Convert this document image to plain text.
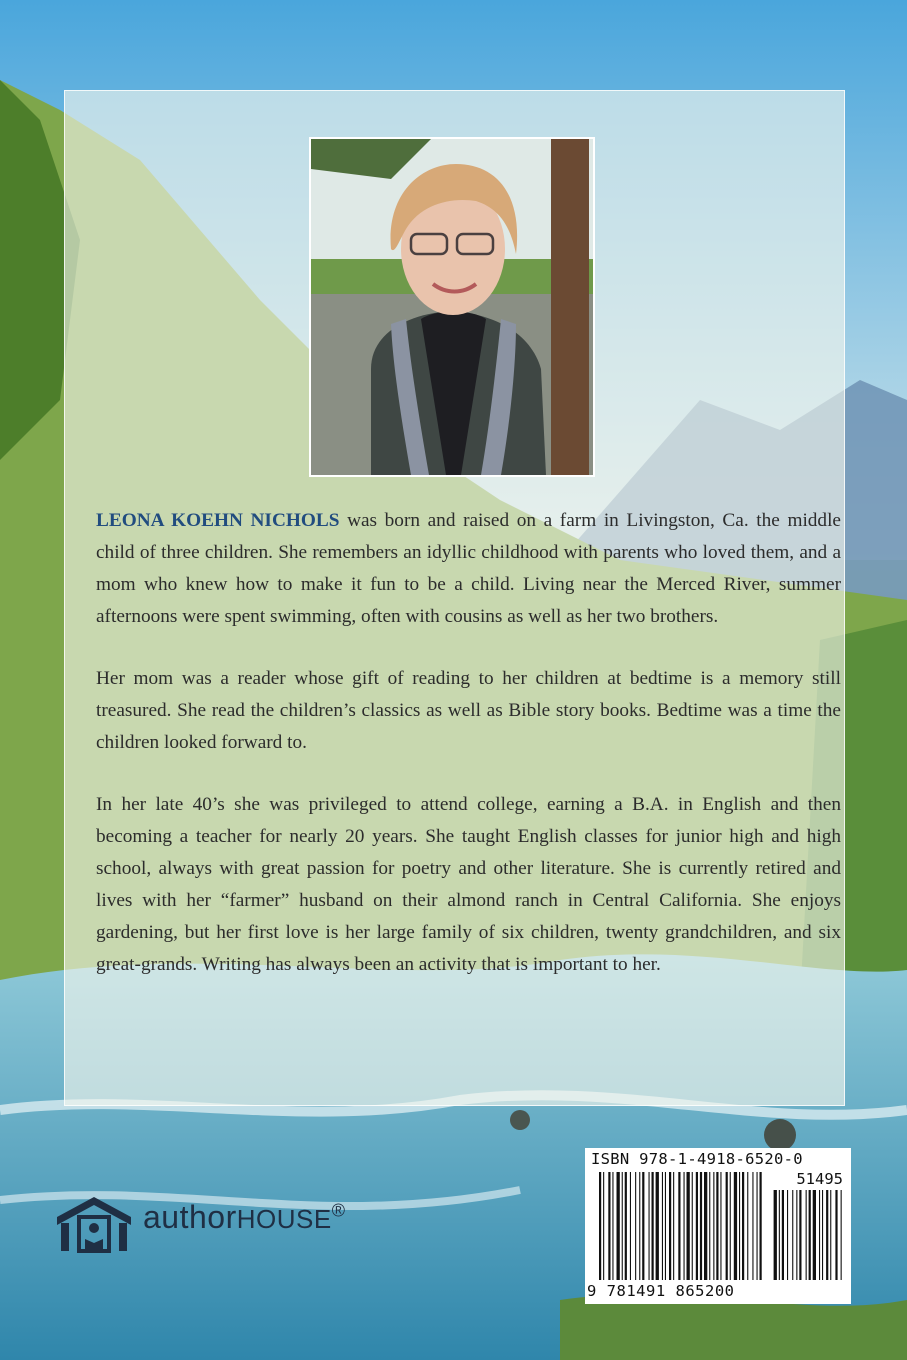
LEONA KOEHN NICHOLS was born and raised on a farm in Livingston, Ca. the middle child of three children. She remembers an idyllic childhood with parents who loved them, and a mom who knew how to make it fun to be a child. Living near the Merced River, summer afternoons were spent swimming, often with cousins as well as her two brothers.

Her mom was a reader whose gift of reading to her children at bedtime is a memory still treasured. She read the children’s classics as well as Bible story books. Bedtime was a time the children looked forward to.

In her late 40’s she was privileged to attend college, earning a B.A. in English and then becoming a teacher for nearly 20 years. She taught English classes for junior high and high school, always with great passion for poetry and other literature. She is currently retired and lives with her “farmer” husband on their almond ranch in Central California. She enjoys gardening, but her first love is her large family of six children, twenty grandchildren, and six great-grands. Writing has always been an activity that is important to her.

authorHOUSE®
ISBN 978-1-4918-6520-0
51495
9 781491 865200
